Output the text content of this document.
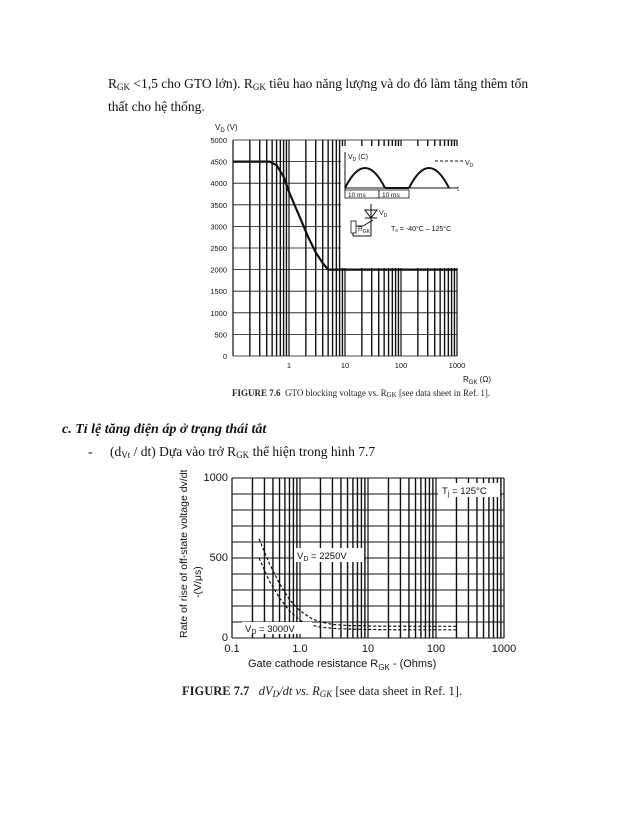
$R_{GK} <1,5$ cho GTO lớn). $R_{GK}$ tiêu hao năng lượng và do đó làm tăng thêm tổn
thất cho hệ thống.
0
500
1000
1500
2000
2500
3000
3500
4000
4500
5000
1	10	100	1000
$V_D$ (V)
$R_{GK}$ (Ω)
$V_D$ (C)
$V_D$
10 ms	10 ms
t
$V_D$
$R_{GK}$	Tₐ = -40°C – 125°C
FIGURE 7.6 GTO blocking voltage vs. RGK [see data sheet in Ref. 1].
c. Tỉ lệ tăng điện áp ở trạng thái tắt
- $(d_{Vt} / dt)$ Dựa vào trở $R_{GK}$ thể hiện trong hình 7.7
0
500
1000
0.1	1.0	10	100	1000
Rate of rise of off-state voltage dv/dt -(V/μs)
Gate cathode resistance $R_{GK}$ - (Ohms)
$T_j = 125^\circ C$
$V_D = 2250V$
$V_D = 3000V$
FIGURE 7.7 dVD/dt vs. RGK [see data sheet in Ref. 1].
